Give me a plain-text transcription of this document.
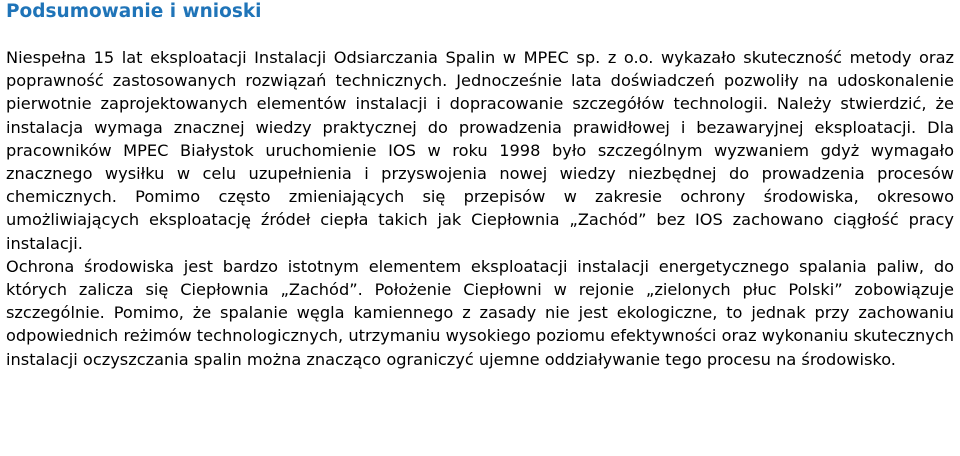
Podsumowanie i wnioski

Niespełna 15 lat eksploatacji Instalacji Odsiarczania Spalin w MPEC sp. z o.o. wykazało skuteczność metody oraz poprawność zastosowanych rozwiązań technicznych. Jednocześnie lata doświadczeń pozwoliły na udoskonalenie pierwotnie zaprojektowanych elementów instalacji i dopracowanie szczegółów technologii. Należy stwierdzić, że instalacja wymaga znacznej wiedzy praktycznej do prowadzenia prawidłowej i bezawaryjnej eksploatacji. Dla pracowników MPEC Białystok uruchomienie IOS w roku 1998 było szczególnym wyzwaniem gdyż wymagało znacznego wysiłku w celu uzupełnienia i przyswojenia nowej wiedzy niezbędnej do prowadzenia procesów chemicznych. Pomimo często zmieniających się przepisów w zakresie ochrony środowiska, okresowo umożliwiających eksploatację źródeł ciepła takich jak Ciepłownia „Zachód” bez IOS zachowano ciągłość pracy instalacji.

Ochrona środowiska jest bardzo istotnym elementem eksploatacji instalacji energetycznego spalania paliw, do których zalicza się Ciepłownia „Zachód”. Położenie Ciepłowni w rejonie „zielonych płuc Polski” zobowiązuje szczególnie. Pomimo, że spalanie węgla kamiennego z zasady nie jest ekologiczne, to jednak przy zachowaniu odpowiednich reżimów technologicznych, utrzymaniu wysokiego poziomu efektywności oraz wykonaniu skutecznych instalacji oczyszczania spalin można znacząco ograniczyć ujemne oddziaływanie tego procesu na środowisko.
